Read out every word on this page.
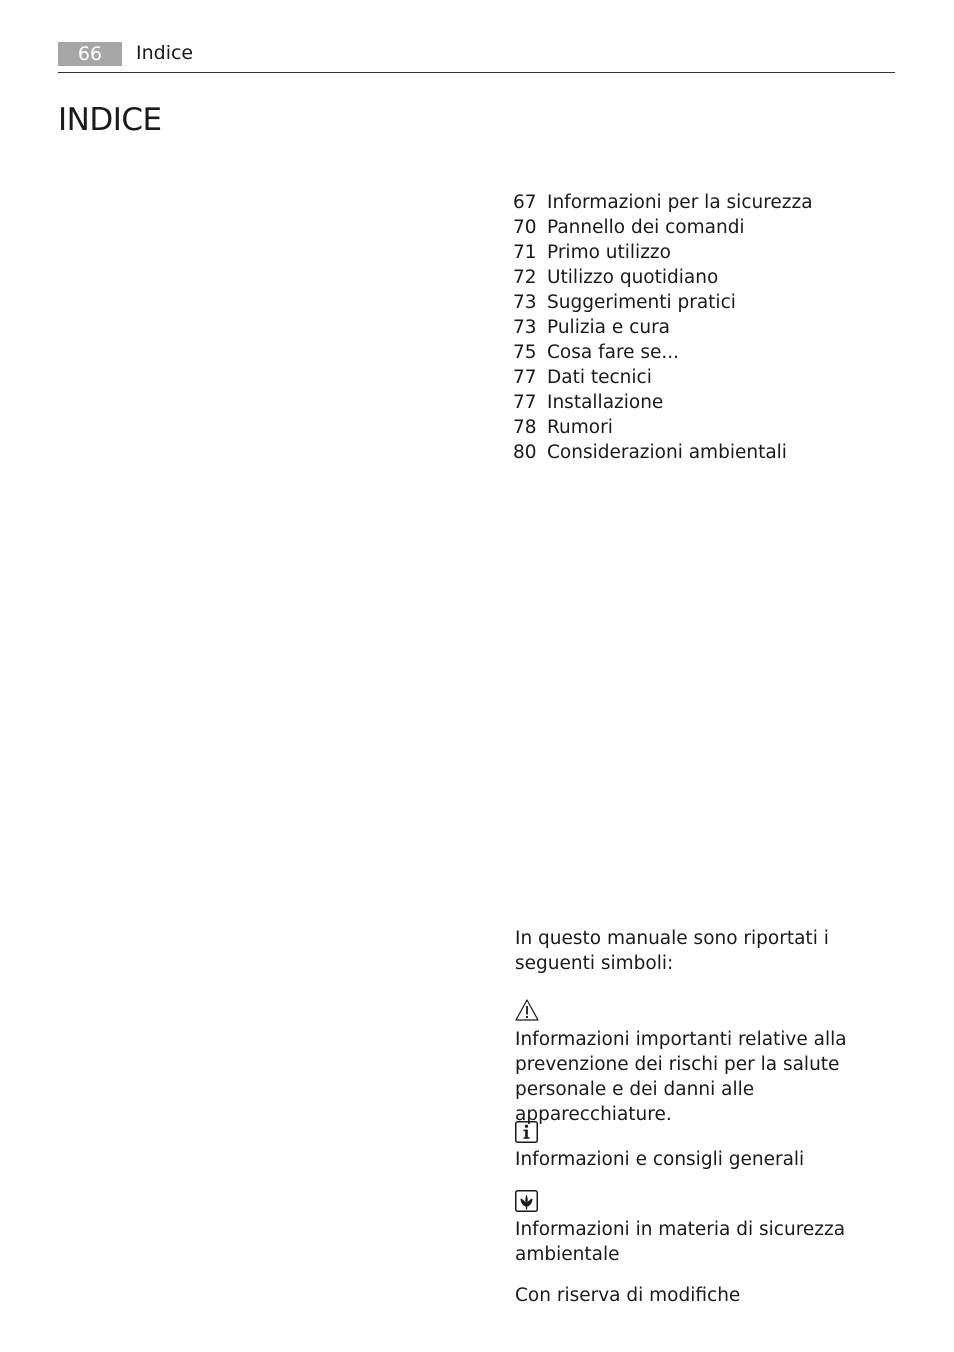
66	Indice
INDICE
67 Informazioni per la sicurezza
70 Pannello dei comandi
71 Primo utilizzo
72 Utilizzo quotidiano
73 Suggerimenti pratici
73 Pulizia e cura
75 Cosa fare se...
77 Dati tecnici
77 Installazione
78 Rumori
80 Considerazioni ambientali

In questo manuale sono riportati i seguenti simboli:

Informazioni importanti relative alla prevenzione dei rischi per la salute personale e dei danni alle apparecchiature.

Informazioni e consigli generali

Informazioni in materia di sicurezza ambientale

Con riserva di modifiche
